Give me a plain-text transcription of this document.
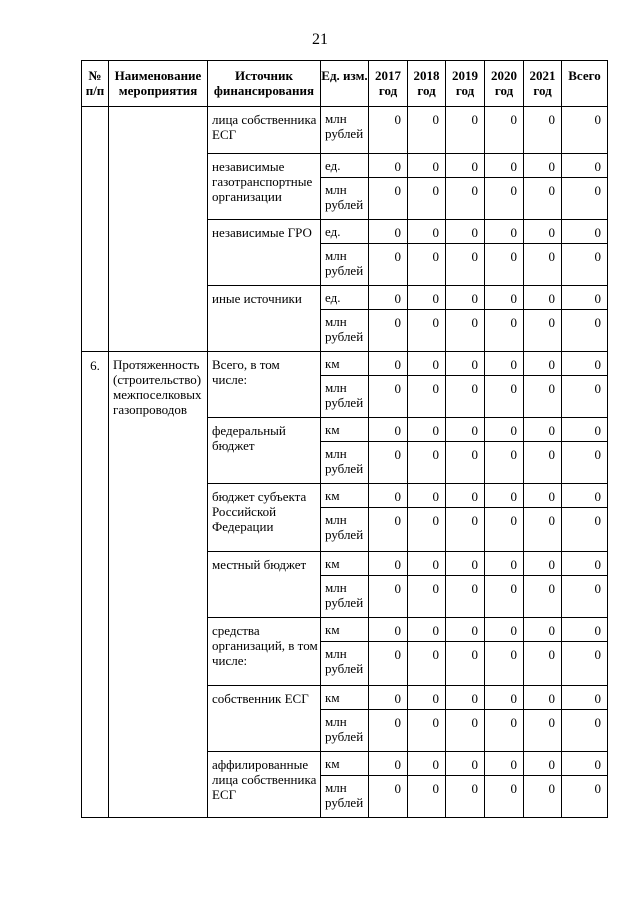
21
№ п/п	Наименование мероприятия	Источник финансирования	Ед. изм.	2017 год	2018 год	2019 год	2020 год	2021 год	Всего
		лица собственника ЕСГ	млн рублей	0	0	0	0	0	0
		независимые газотранспортные организации	ед.	0	0	0	0	0	0
			млн рублей	0	0	0	0	0	0
		независимые ГРО	ед.	0	0	0	0	0	0
			млн рублей	0	0	0	0	0	0
		иные источники	ед.	0	0	0	0	0	0
			млн рублей	0	0	0	0	0	0
6.	Протяженность (строительство) межпоселковых газопроводов	Всего, в том числе:	км	0	0	0	0	0	0
			млн рублей	0	0	0	0	0	0
		федеральный бюджет	км	0	0	0	0	0	0
			млн рублей	0	0	0	0	0	0
		бюджет субъекта Российской Федерации	км	0	0	0	0	0	0
			млн рублей	0	0	0	0	0	0
		местный бюджет	км	0	0	0	0	0	0
			млн рублей	0	0	0	0	0	0
		средства организаций, в том числе:	км	0	0	0	0	0	0
			млн рублей	0	0	0	0	0	0
		собственник ЕСГ	км	0	0	0	0	0	0
			млн рублей	0	0	0	0	0	0
		аффилированные лица собственника ЕСГ	км	0	0	0	0	0	0
			млн рублей	0	0	0	0	0	0
